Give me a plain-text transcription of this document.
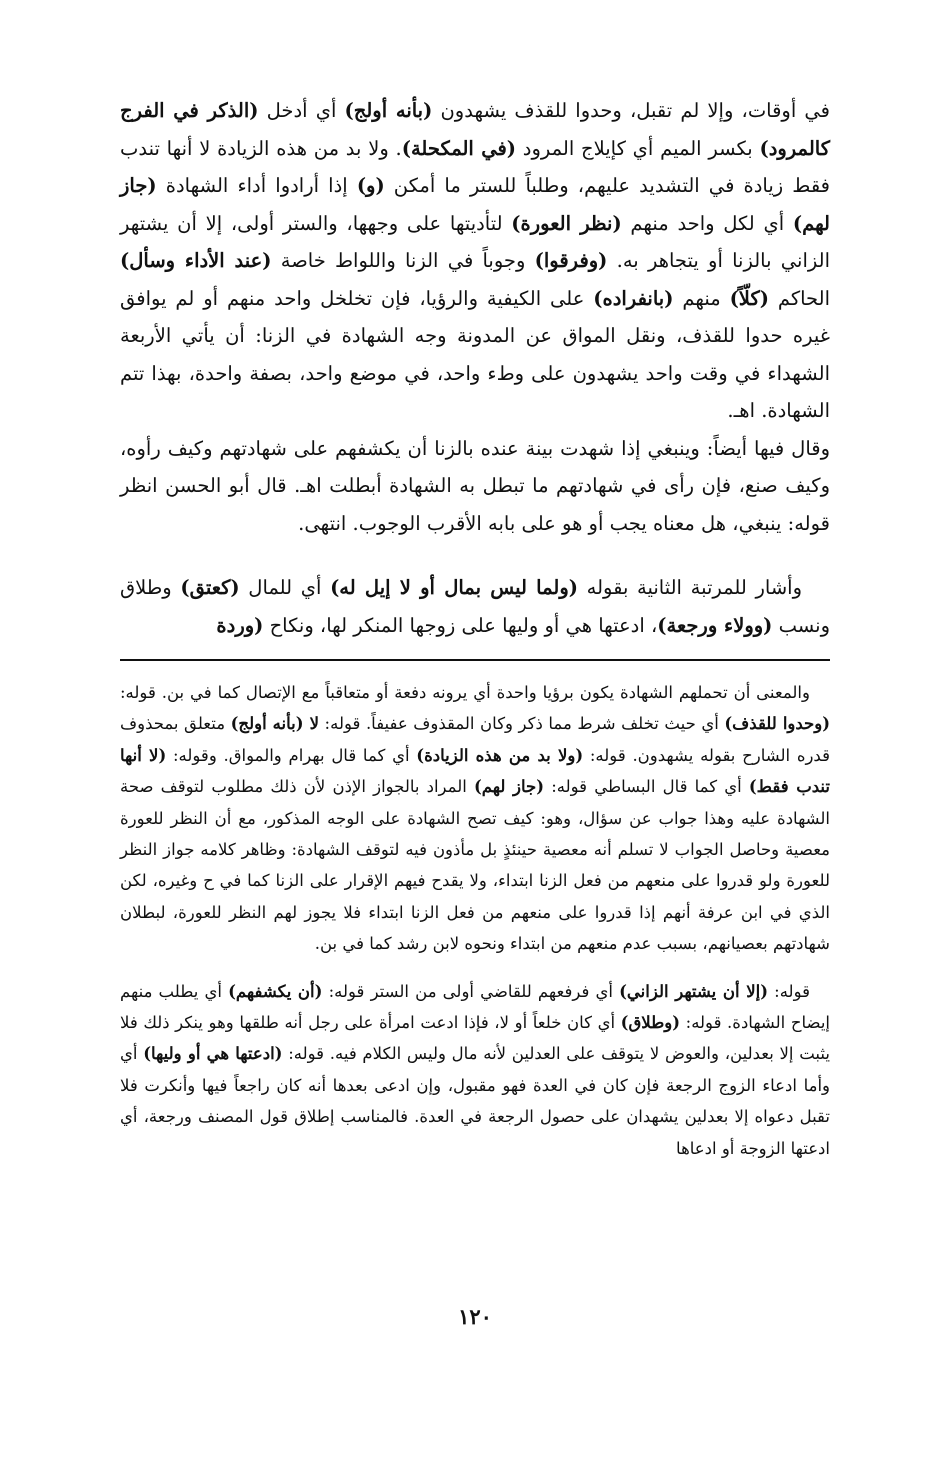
في أوقات، وإلا لم تقبل، وحدوا للقذف يشهدون (بأنه أولج) أي أدخل (الذكر في الفرج كالمرود) بكسر الميم أي كإيلاج المرود (في المكحلة). ولا بد من هذه الزيادة لا أنها تندب فقط زيادة في التشديد عليهم، وطلباً للستر ما أمكن (و) إذا أرادوا أداء الشهادة (جاز لهم) أي لكل واحد منهم (نظر العورة) لتأديتها على وجهها، والستر أولى، إلا أن يشتهر الزاني بالزنا أو يتجاهر به. (وفرقوا) وجوباً في الزنا واللواط خاصة (عند الأداء وسأل) الحاكم (كلّاً) منهم (بانفراده) على الكيفية والرؤيا، فإن تخلخل واحد منهم أو لم يوافق غيره حدوا للقذف، ونقل المواق عن المدونة وجه الشهادة في الزنا: أن يأتي الأربعة الشهداء في وقت واحد يشهدون على وطء واحد، في موضع واحد، بصفة واحدة، بهذا تتم الشهادة. اهـ.

وقال فيها أيضاً: وينبغي إذا شهدت بينة عنده بالزنا أن يكشفهم على شهادتهم وكيف رأوه، وكيف صنع، فإن رأى في شهادتهم ما تبطل به الشهادة أبطلت اهـ. قال أبو الحسن انظر قوله: ينبغي، هل معناه يجب أو هو على بابه الأقرب الوجوب. انتهى.

وأشار للمرتبة الثانية بقوله (ولما ليس بمال أو لا إيل له) أي للمال (كعتق) وطلاق ونسب (وولاء ورجعة)، ادعتها هي أو وليها على زوجها المنكر لها، ونكاح (وردة

والمعنى أن تحملهم الشهادة يكون برؤيا واحدة أي يرونه دفعة أو متعاقباً مع الإتصال كما في بن. قوله: (وحدوا للقذف) أي حيث تخلف شرط مما ذكر وكان المقذوف عفيفاً. قوله: لا (بأنه أولج) متعلق بمحذوف قدره الشارح بقوله يشهدون. قوله: (ولا بد من هذه الزيادة) أي كما قال بهرام والمواق. وقوله: (لا أنها تندب فقط) أي كما قال البساطي قوله: (جاز لهم) المراد بالجواز الإذن لأن ذلك مطلوب لتوقف صحة الشهادة عليه وهذا جواب عن سؤال، وهو: كيف تصح الشهادة على الوجه المذكور، مع أن النظر للعورة معصية وحاصل الجواب لا تسلم أنه معصية حينئذٍ بل مأذون فيه لتوقف الشهادة: وظاهر كلامه جواز النظر للعورة ولو قدروا على منعهم من فعل الزنا ابتداء، ولا يقدح فيهم الإقرار على الزنا كما في ح وغيره، لكن الذي في ابن عرفة أنهم إذا قدروا على منعهم من فعل الزنا ابتداء فلا يجوز لهم النظر للعورة، لبطلان شهادتهم بعصيانهم، بسبب عدم منعهم من ابتداء ونحوه لابن رشد كما في بن.

قوله: (إلا أن يشتهر الزاني) أي فرفعهم للقاضي أولى من الستر قوله: (أن يكشفهم) أي يطلب منهم إيضاح الشهادة. قوله: (وطلاق) أي كان خلعاً أو لا، فإذا ادعت امرأة على رجل أنه طلقها وهو ينكر ذلك فلا يثبت إلا بعدلين، والعوض لا يتوقف على العدلين لأنه مال وليس الكلام فيه. قوله: (ادعتها هي أو وليها) أي وأما ادعاء الزوج الرجعة فإن كان في العدة فهو مقبول، وإن ادعى بعدها أنه كان راجعاً فيها وأنكرت فلا تقبل دعواه إلا بعدلين يشهدان على حصول الرجعة في العدة. فالمناسب إطلاق قول المصنف ورجعة، أي ادعتها الزوجة أو ادعاها

١٢٠
